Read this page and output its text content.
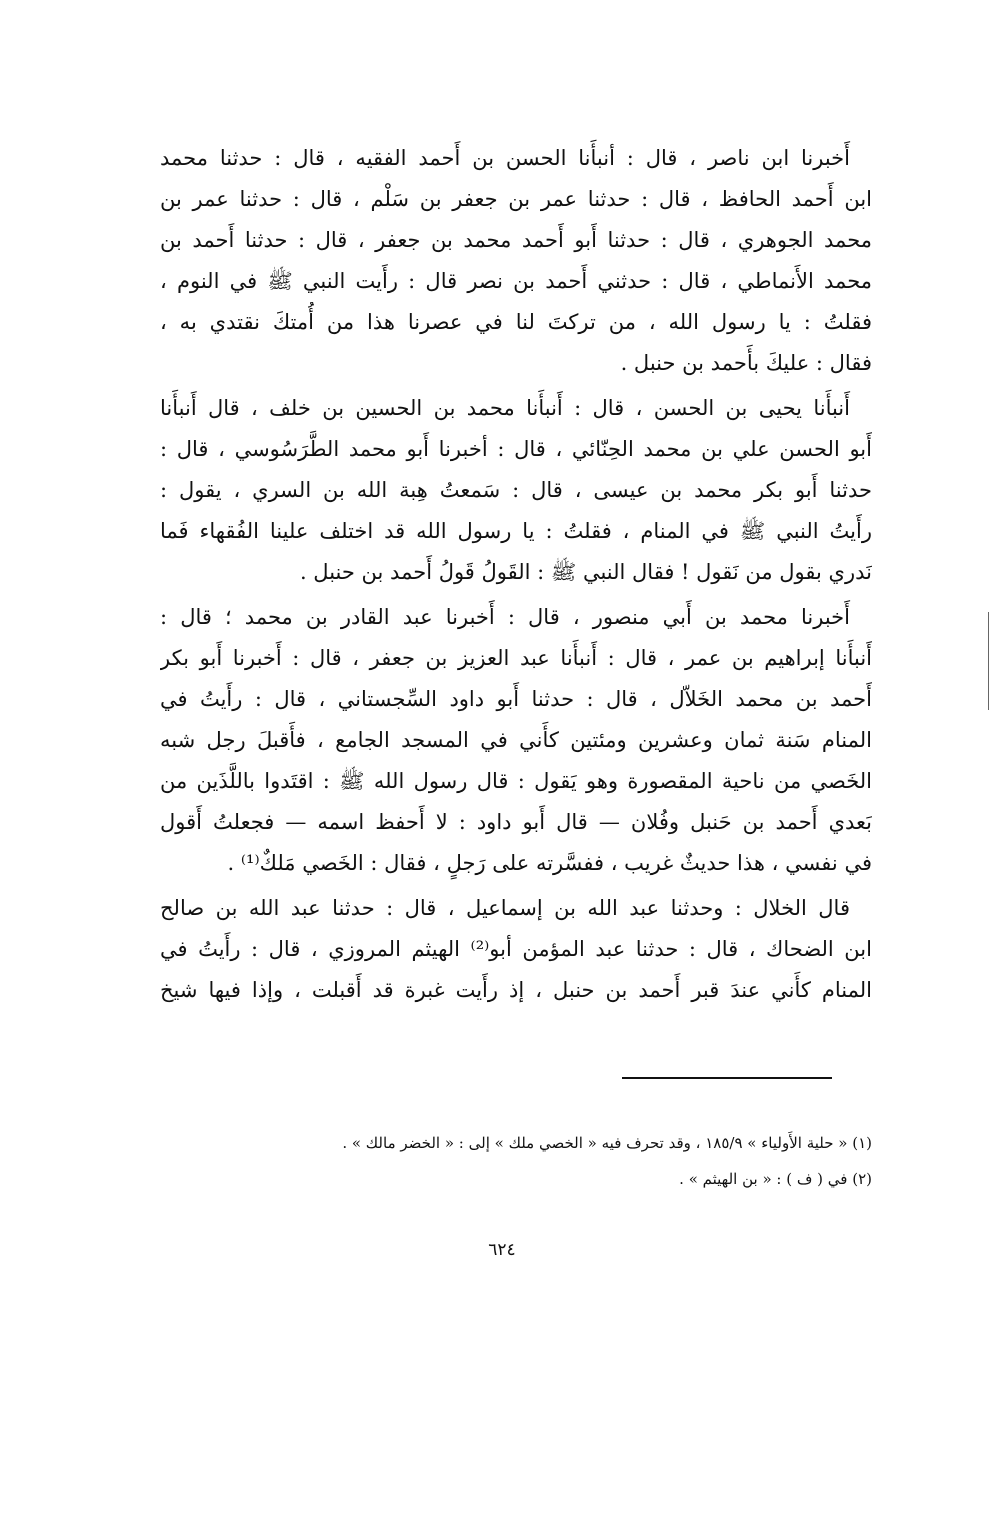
أَخبرنا ابن ناصر ، قال : أنبأَنا الحسن بن أَحمد الفقيه ، قال : حدثنا محمد
ابن أَحمد الحافظ ، قال : حدثنا عمر بن جعفر بن سَلْم ، قال : حدثنا عمر بن
محمد الجوهري ، قال : حدثنا أَبو أَحمد محمد بن جعفر ، قال : حدثنا أَحمد بن
محمد الأَنماطي ، قال : حدثني أَحمد بن نصر قال : رأَيت النبي ﷺ في النوم ،
فقلتُ : يا رسول الله ، من تركتَ لنا في عصرنا هذا من أُمتكَ نقتدي به ،
فقال : عليكَ بأَحمد بن حنبل .
أَنبأَنا يحيى بن الحسن ، قال : أَنبأَنا محمد بن الحسين بن خلف ، قال أَنبأَنا
أَبو الحسن علي بن محمد الحِنّائي ، قال : أخبرنا أَبو محمد الطَّرَسُوسي ، قال :
حدثنا أَبو بكر محمد بن عيسى ، قال : سَمعتُ هِبة الله بن السري ، يقول :
رأَيتُ النبي ﷺ في المنام ، فقلتُ : يا رسول الله قد اختلف علينا الفُقهاء فَما
نَدري بقول من نَقول ! فقال النبي ﷺ : القَولُ قَولُ أَحمد بن حنبل .
أَخبرنا محمد بن أَبي منصور ، قال : أَخبرنا عبد القادر بن محمد ؛ قال :
أَنبأَنا إبراهيم بن عمر ، قال : أَنبأَنا عبد العزيز بن جعفر ، قال : أَخبرنا أَبو بكر
أَحمد بن محمد الخَلاّل ، قال : حدثنا أَبو داود السِّجستاني ، قال : رأَيتُ في
المنام سَنة ثمان وعشرين ومئتين كأَني في المسجد الجامع ، فأَقبلَ رجل شبه
الخَصي من ناحية المقصورة وهو يَقول : قال رسول الله ﷺ : اقتَدوا باللَّذَين من
بَعدي أَحمد بن حَنبل وفُلان — قال أَبو داود : لا أَحفظ اسمه — فجعلتُ أَقول
في نفسي ، هذا حديثٌ غريب ، ففسَّرته على رَجلٍ ، فقال : الخَصي مَلكٌ⁽¹⁾ .
قال الخلال : وحدثنا عبد الله بن إسماعيل ، قال : حدثنا عبد الله بن صالح
ابن الضحاك ، قال : حدثنا عبد المؤمن أبو⁽²⁾ الهيثم المروزي ، قال : رأَيتُ في
المنام كأَني عندَ قبر أَحمد بن حنبل ، إذ رأَيت غبرة قد أَقبلت ، وإذا فيها شيخ
(١) « حلية الأَولياء » ١٨٥/٩ ، وقد تحرف فيه « الخصي ملك » إلى : « الخضر مالك » .
(٢) في ( ف ) : « بن الهيثم » .
٦٢٤
